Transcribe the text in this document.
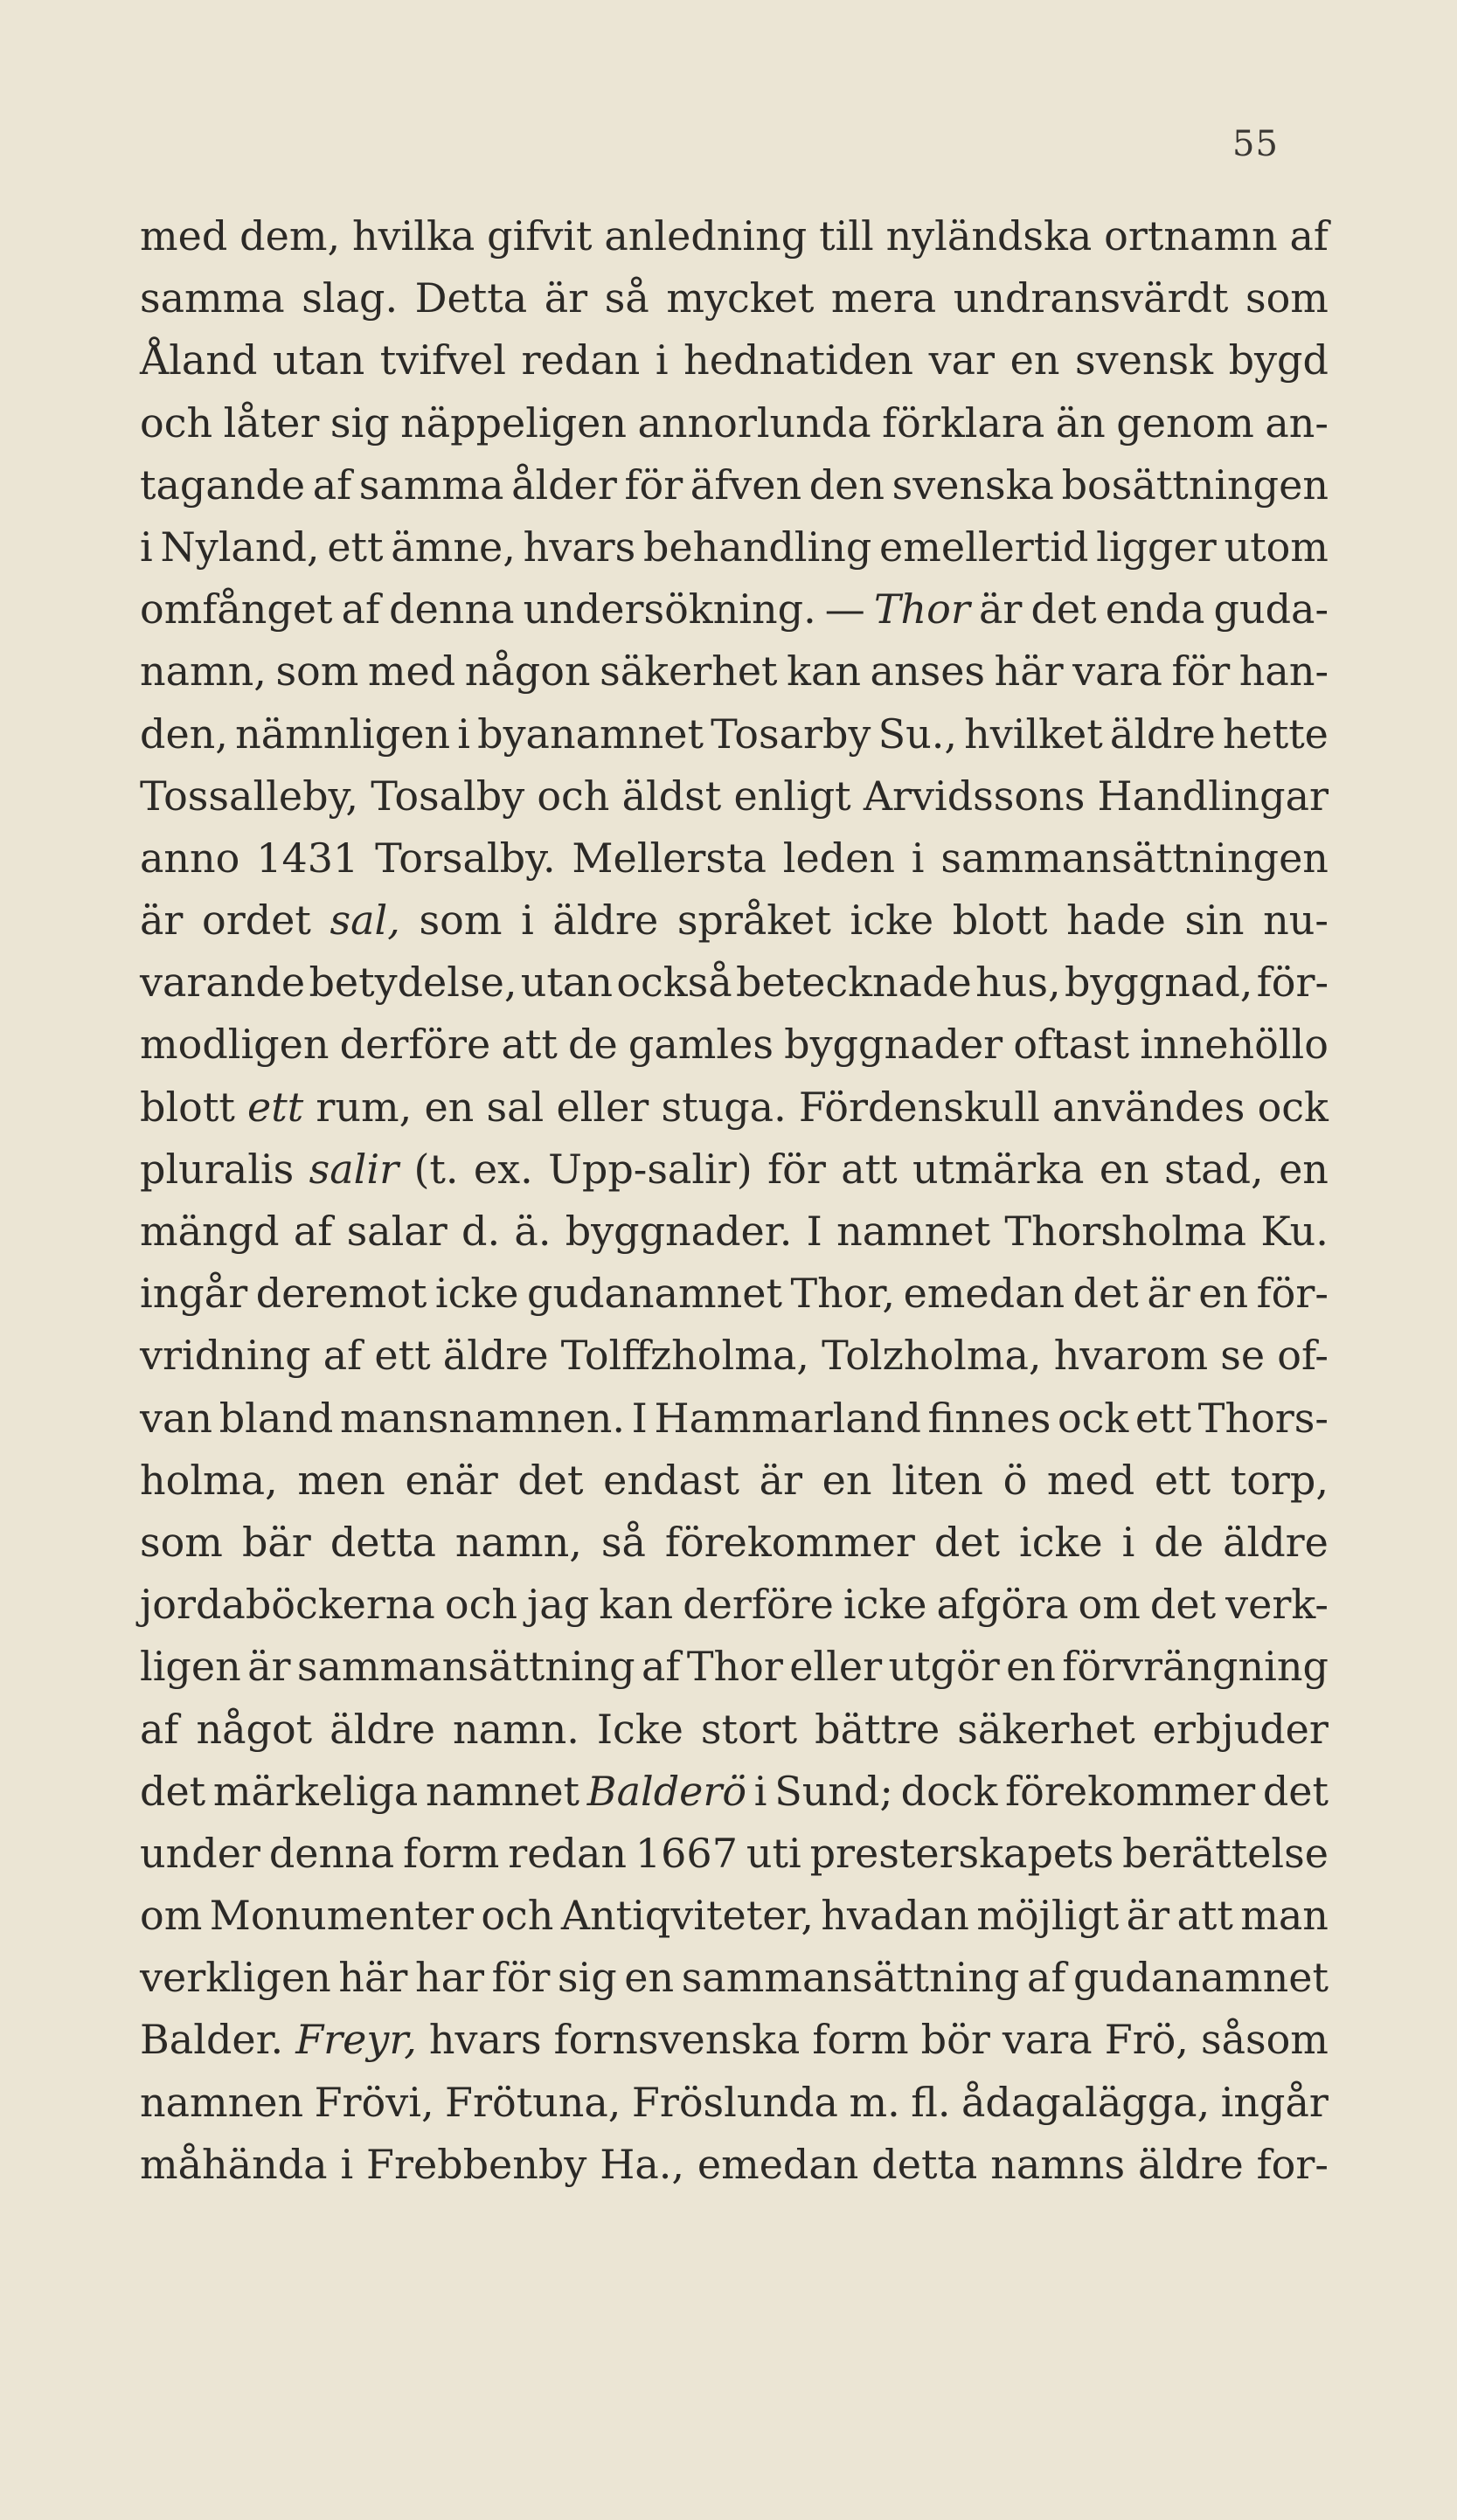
55
med dem, hvilka gifvit anledning till nyländska ortnamn af
samma slag. Detta är så mycket mera undransvärdt som
Åland utan tvifvel redan i hednatiden var en svensk bygd
och låter sig näppeligen annorlunda förklara än genom an-
tagande af samma ålder för äfven den svenska bosättningen
i Nyland, ett ämne, hvars behandling emellertid ligger utom
omfånget af denna undersökning. — Thor är det enda guda-
namn, som med någon säkerhet kan anses här vara för han-
den, nämnligen i byanamnet Tosarby Su., hvilket äldre hette
Tossalleby, Tosalby och äldst enligt Arvidssons Handlingar
anno 1431 Torsalby. Mellersta leden i sammansättningen
är ordet sal, som i äldre språket icke blott hade sin nu-
varande betydelse, utan också betecknade hus, byggnad, för-
modligen derföre att de gamles byggnader oftast innehöllo
blott ett rum, en sal eller stuga. Fördenskull användes ock
pluralis salir (t. ex. Upp-salir) för att utmärka en stad, en
mängd af salar d. ä. byggnader. I namnet Thorsholma Ku.
ingår deremot icke gudanamnet Thor, emedan det är en för-
vridning af ett äldre Tolffzholma, Tolzholma, hvarom se of-
van bland mansnamnen. I Hammarland finnes ock ett Thors-
holma, men enär det endast är en liten ö med ett torp,
som bär detta namn, så förekommer det icke i de äldre
jordaböckerna och jag kan derföre icke afgöra om det verk-
ligen är sammansättning af Thor eller utgör en förvrängning
af något äldre namn. Icke stort bättre säkerhet erbjuder
det märkeliga namnet Balderö i Sund; dock förekommer det
under denna form redan 1667 uti presterskapets berättelse
om Monumenter och Antiqviteter, hvadan möjligt är att man
verkligen här har för sig en sammansättning af gudanamnet
Balder. Freyr, hvars fornsvenska form bör vara Frö, såsom
namnen Frövi, Frötuna, Fröslunda m. fl. ådagalägga, ingår
måhända i Frebbenby Ha., emedan detta namns äldre for-
